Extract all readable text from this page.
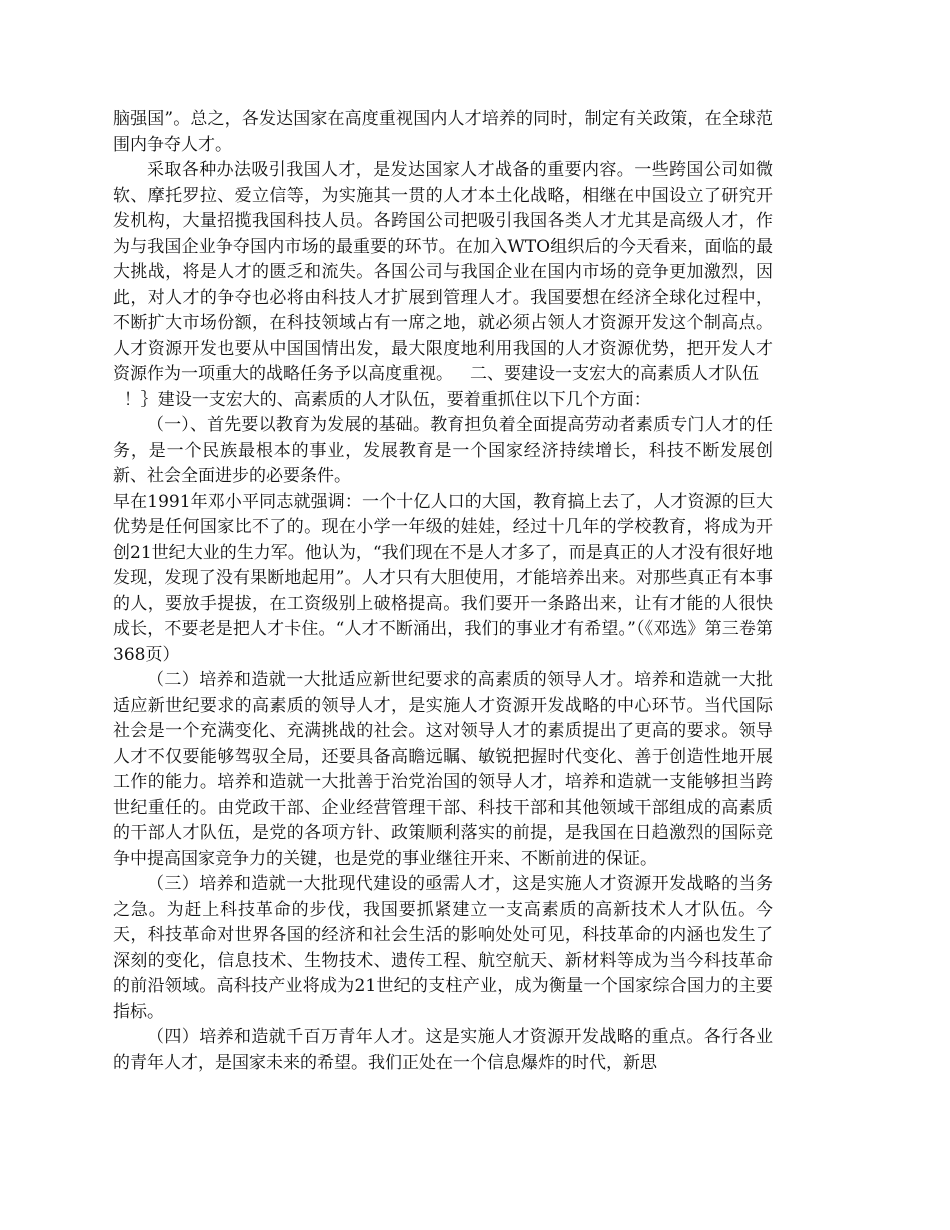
脑强国”。总之，各发达国家在高度重视国内人才培养的同时，制定有关政策，在全球范围内争夺人才。

采取各种办法吸引我国人才，是发达国家人才战备的重要内容。一些跨国公司如微软、摩托罗拉、爱立信等，为实施其一贯的人才本土化战略，相继在中国设立了研究开发机构，大量招揽我国科技人员。各跨国公司把吸引我国各类人才尤其是高级人才，作为与我国企业争夺国内市场的最重要的环节。在加入WTO组织后的今天看来，面临的最大挑战，将是人才的匮乏和流失。各国公司与我国企业在国内市场的竞争更加激烈，因此，对人才的争夺也必将由科技人才扩展到管理人才。我国要想在经济全球化过程中，不断扩大市场份额，在科技领域占有一席之地，就必须占领人才资源开发这个制高点。人才资源开发也要从中国国情出发，最大限度地利用我国的人才资源优势，把开发人才资源作为一项重大的战略任务予以高度重视。 二、要建设一支宏大的高素质人才队伍

！｝建设一支宏大的、高素质的人才队伍，要着重抓住以下几个方面：

（一）、首先要以教育为发展的基础。教育担负着全面提高劳动者素质专门人才的任务，是一个民族最根本的事业，发展教育是一个国家经济持续增长，科技不断发展创新、社会全面进步的必要条件。

早在1991年邓小平同志就强调：一个十亿人口的大国，教育搞上去了，人才资源的巨大优势是任何国家比不了的。现在小学一年级的娃娃，经过十几年的学校教育，将成为开创21世纪大业的生力军。他认为，“我们现在不是人才多了，而是真正的人才没有很好地发现，发现了没有果断地起用”。人才只有大胆使用，才能培养出来。对那些真正有本事的人，要放手提拔，在工资级别上破格提高。我们要开一条路出来，让有才能的人很快成长，不要老是把人才卡住。“人才不断涌出，我们的事业才有希望。”（《邓选》第三卷第368页）

（二）培养和造就一大批适应新世纪要求的高素质的领导人才。培养和造就一大批适应新世纪要求的高素质的领导人才，是实施人才资源开发战略的中心环节。当代国际社会是一个充满变化、充满挑战的社会。这对领导人才的素质提出了更高的要求。领导人才不仅要能够驾驭全局，还要具备高瞻远瞩、敏锐把握时代变化、善于创造性地开展工作的能力。培养和造就一大批善于治党治国的领导人才，培养和造就一支能够担当跨世纪重任的。由党政干部、企业经营管理干部、科技干部和其他领域干部组成的高素质的干部人才队伍，是党的各项方针、政策顺利落实的前提，是我国在日趋激烈的国际竞争中提高国家竞争力的关键，也是党的事业继往开来、不断前进的保证。

（三）培养和造就一大批现代建设的亟需人才，这是实施人才资源开发战略的当务之急。为赶上科技革命的步伐，我国要抓紧建立一支高素质的高新技术人才队伍。今天，科技革命对世界各国的经济和社会生活的影响处处可见，科技革命的内涵也发生了深刻的变化，信息技术、生物技术、遗传工程、航空航天、新材料等成为当今科技革命的前沿领域。高科技产业将成为21世纪的支柱产业，成为衡量一个国家综合国力的主要指标。

（四）培养和造就千百万青年人才。这是实施人才资源开发战略的重点。各行各业的青年人才，是国家未来的希望。我们正处在一个信息爆炸的时代，新思
